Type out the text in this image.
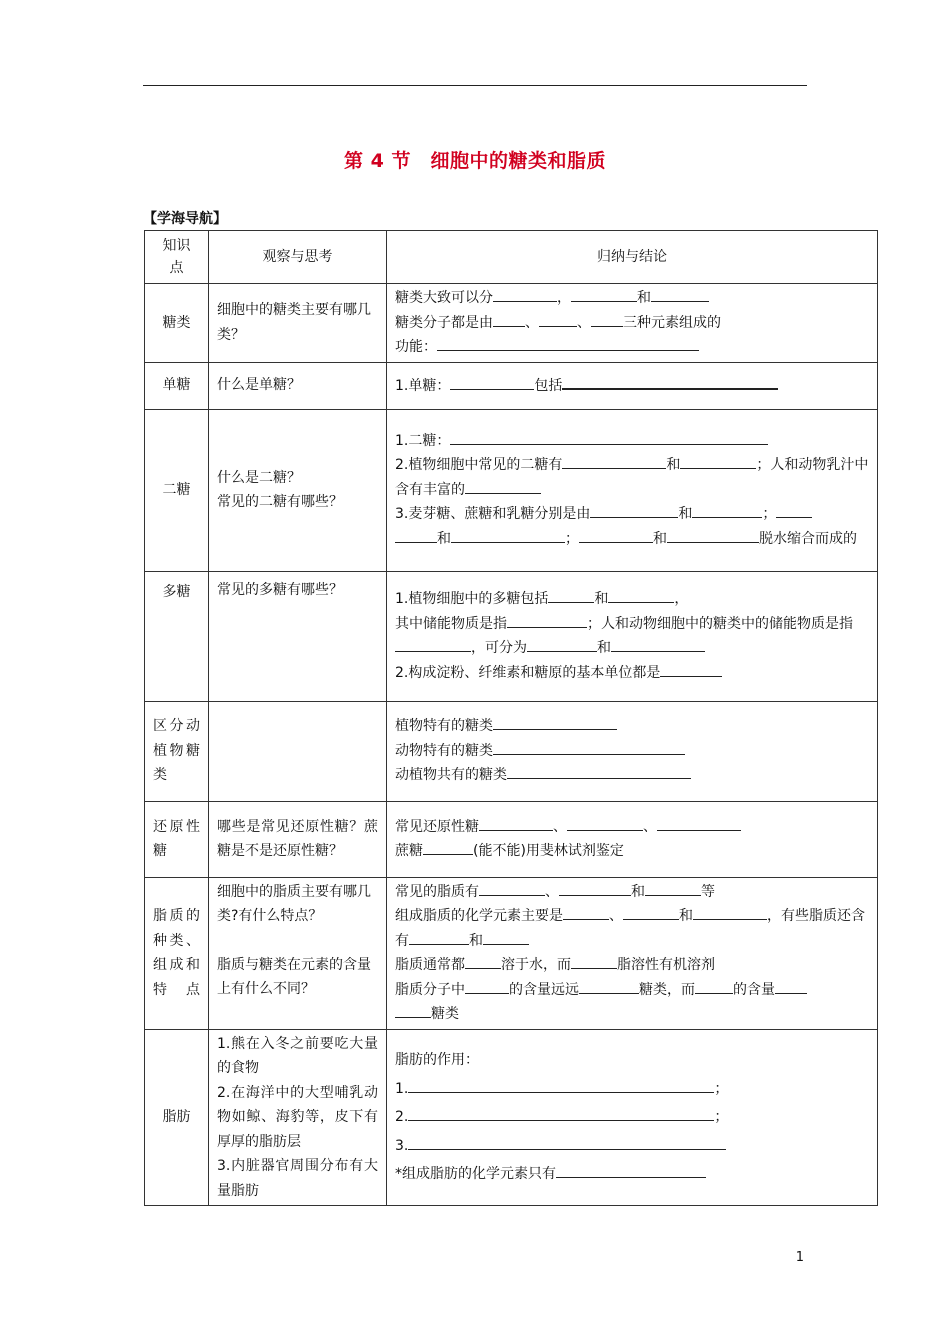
第 4 节　细胞中的糖类和脂质
【学海导航】
知识点	观察与思考	归纳与结论
糖类	细胞中的糖类主要有哪几类？	糖类大致可以分 ， 和
糖类分子都是由 、 、 三种元素组成的
功能：

单糖	什么是单糖？	1.单糖： 包括

二糖	什么是二糖？
常见的二糖有哪些？	1.二糖：
2.植物细胞中常见的二糖有 和 ；人和动物乳汁中含有丰富的
3.麦芽糖、蔗糖和乳糖分别是由 和 ；
和 ； 和 脱水缩合而成的

多糖	常见的多糖有哪些？	1.植物细胞中的多糖包括 和 ，
其中储能物质是指 ；人和动物细胞中的糖类中的储能物质是指，可分为 和
2.构成淀粉、纤维素和糖原的基本单位都是

区分动植物糖类		植物特有的糖类
动物特有的糖类
动植物共有的糖类

还原性糖	哪些是常见还原性糖？蔗糖是不是还原性糖？	常见还原性糖 、 、
蔗糖 (能不能)用斐林试剂鉴定

脂质的种类、组成和特点	细胞中的脂质主要有哪几类?有什么特点？
脂质与糖类在元素的含量上有什么不同？	常见的脂质有 、 和 等
组成脂质的化学元素主要是 、 和 ，有些脂质还含有 和
脂质通常都 溶于水，而 脂溶性有机溶剂
脂质分子中 的含量远远 糖类，而 的含量
糖类

脂肪	1.熊在入冬之前要吃大量的食物
2.在海洋中的大型哺乳动物如鲸、海豹等，皮下有厚厚的脂肪层
3.内脏器官周围分布有大量脂肪	脂肪的作用：
1. ；
2. ；
3.
*组成脂肪的化学元素只有
1
